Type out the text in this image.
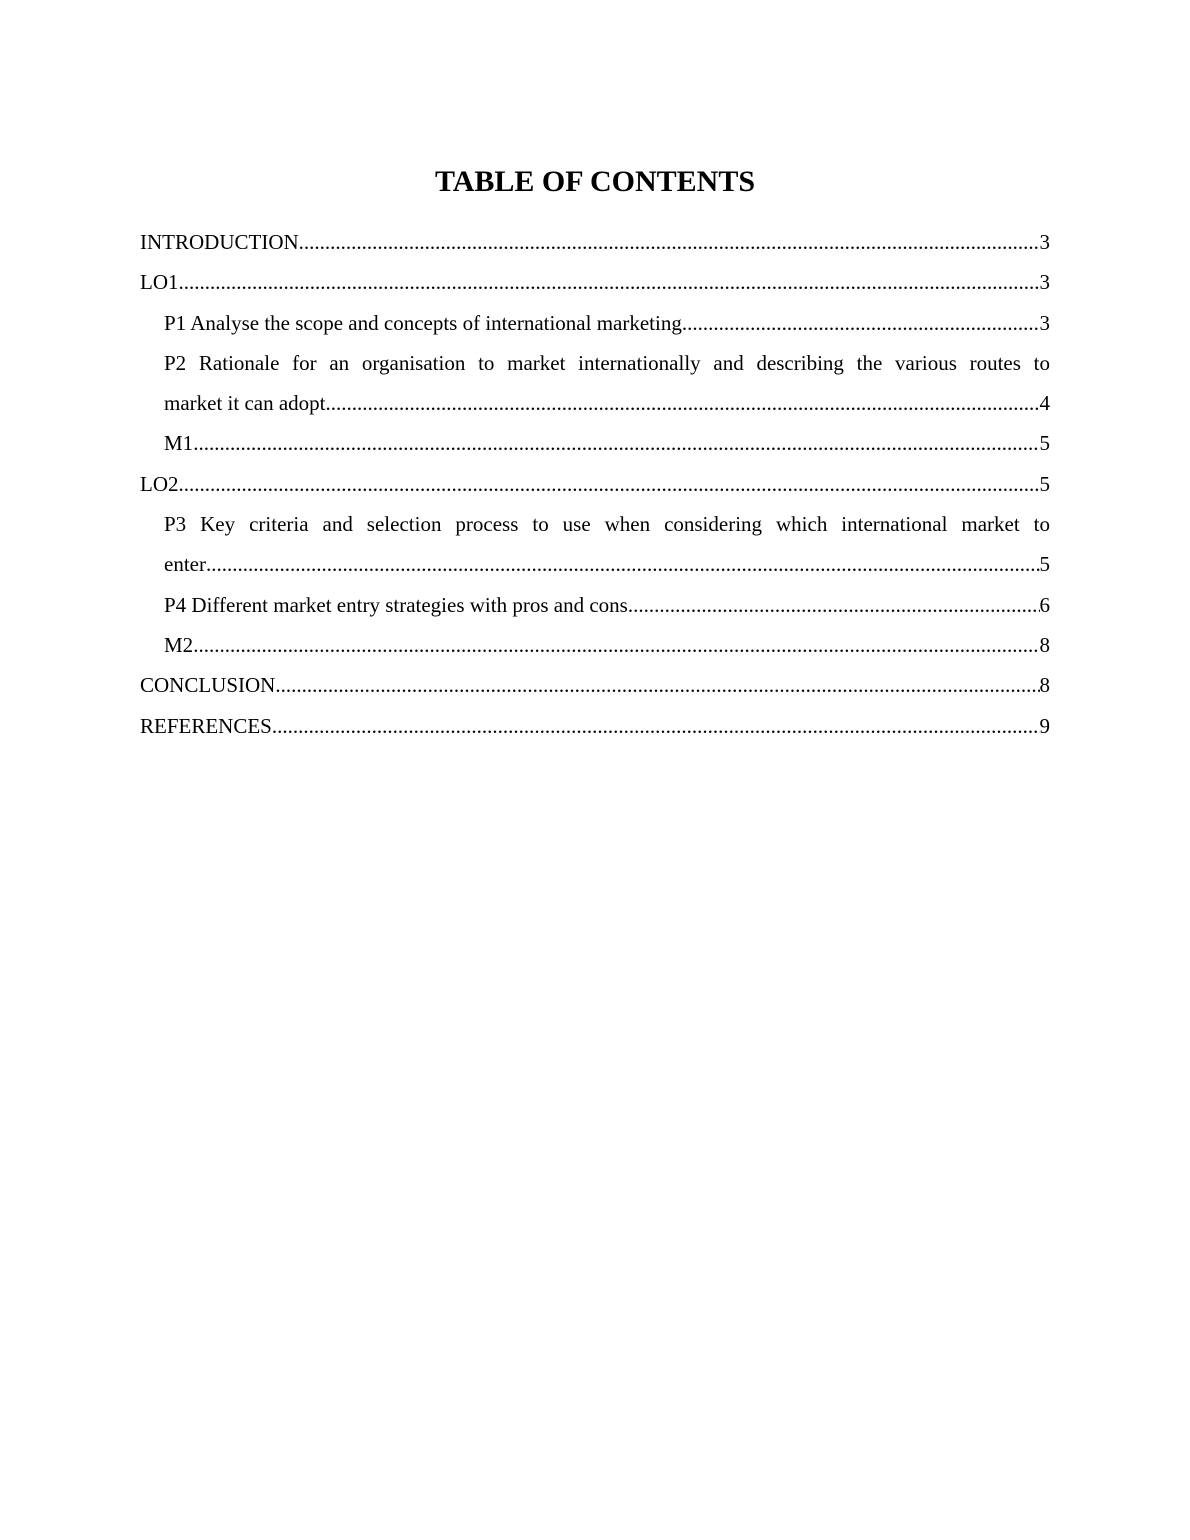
TABLE OF CONTENTS
INTRODUCTION .....	3
LO1 .....	3
P1 Analyse the scope and concepts of international marketing .....	3
P2 Rationale for an organisation to market internationally and describing the various routes to
market it can adopt .....	4
M1 .....	5
LO2 .....	5
P3 Key criteria and selection process to use when considering which international market to
enter .....	5
P4 Different market entry strategies with pros and cons .....	6
M2 .....	8
CONCLUSION .....	8
REFERENCES .....	9
